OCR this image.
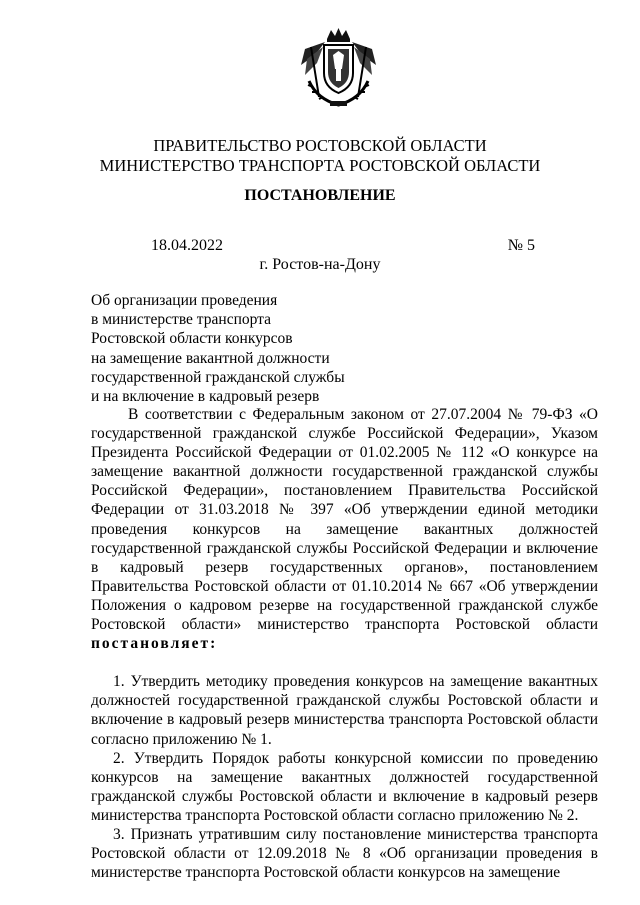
ПРАВИТЕЛЬСТВО РОСТОВСКОЙ ОБЛАСТИ
МИНИСТЕРСТВО ТРАНСПОРТА РОСТОВСКОЙ ОБЛАСТИ
ПОСТАНОВЛЕНИЕ
18.04.2022	№ 5
г. Ростов-на-Дону
Об организации проведения
в министерстве транспорта
Ростовской области конкурсов
на замещение вакантной должности
государственной гражданской службы
и на включение в кадровый резерв

В соответствии с Федеральным законом от 27.07.2004 № 79-ФЗ «О государственной гражданской службе Российской Федерации», Указом Президента Российской Федерации от 01.02.2005 № 112 «О конкурсе на замещение вакантной должности государственной гражданской службы Российской Федерации», постановлением Правительства Российской Федерации от 31.03.2018 № 397 «Об утверждении единой методики проведения конкурсов на замещение вакантных должностей государственной гражданской службы Российской Федерации и включение в кадровый резерв государственных органов», постановлением Правительства Ростовской области от 01.10.2014 № 667 «Об утверждении Положения о кадровом резерве на государственной гражданской службе Ростовской области» министерство транспорта Ростовской области постановляет:

1. Утвердить методику проведения конкурсов на замещение вакантных должностей государственной гражданской службы Ростовской области и включение в кадровый резерв министерства транспорта Ростовской области согласно приложению № 1.

2. Утвердить Порядок работы конкурсной комиссии по проведению конкурсов на замещение вакантных должностей государственной гражданской службы Ростовской области и включение в кадровый резерв министерства транспорта Ростовской области согласно приложению № 2.

3. Признать утратившим силу постановление министерства транспорта Ростовской области от 12.09.2018 № 8 «Об организации проведения в министерстве транспорта Ростовской области конкурсов на замещение
